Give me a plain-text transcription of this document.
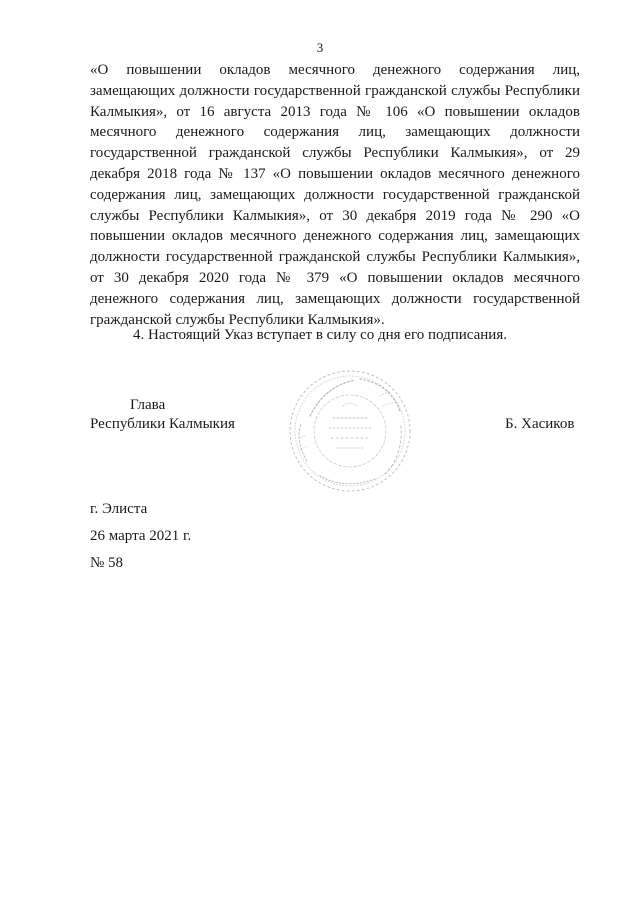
3
«О повышении окладов месячного денежного содержания лиц, замещающих должности государственной гражданской службы Республики Калмыкия», от 16 августа 2013 года № 106 «О повышении окладов месячного денежного содержания лиц, замещающих должности государственной гражданской службы Республики Калмыкия», от 29 декабря 2018 года № 137 «О повышении окладов месячного денежного содержания лиц, замещающих должности государственной гражданской службы Республики Калмыкия», от 30 декабря 2019 года № 290 «О повышении окладов месячного денежного содержания лиц, замещающих должности государственной гражданской службы Республики Калмыкия», от 30 декабря 2020 года № 379 «О повышении окладов месячного денежного содержания лиц, замещающих должности государственной гражданской службы Республики Калмыкия».
4. Настоящий Указ вступает в силу со дня его подписания.
Глава
Республики Калмыкия	Б. Хасиков
г. Элиста
26 марта 2021 г.
№ 58
